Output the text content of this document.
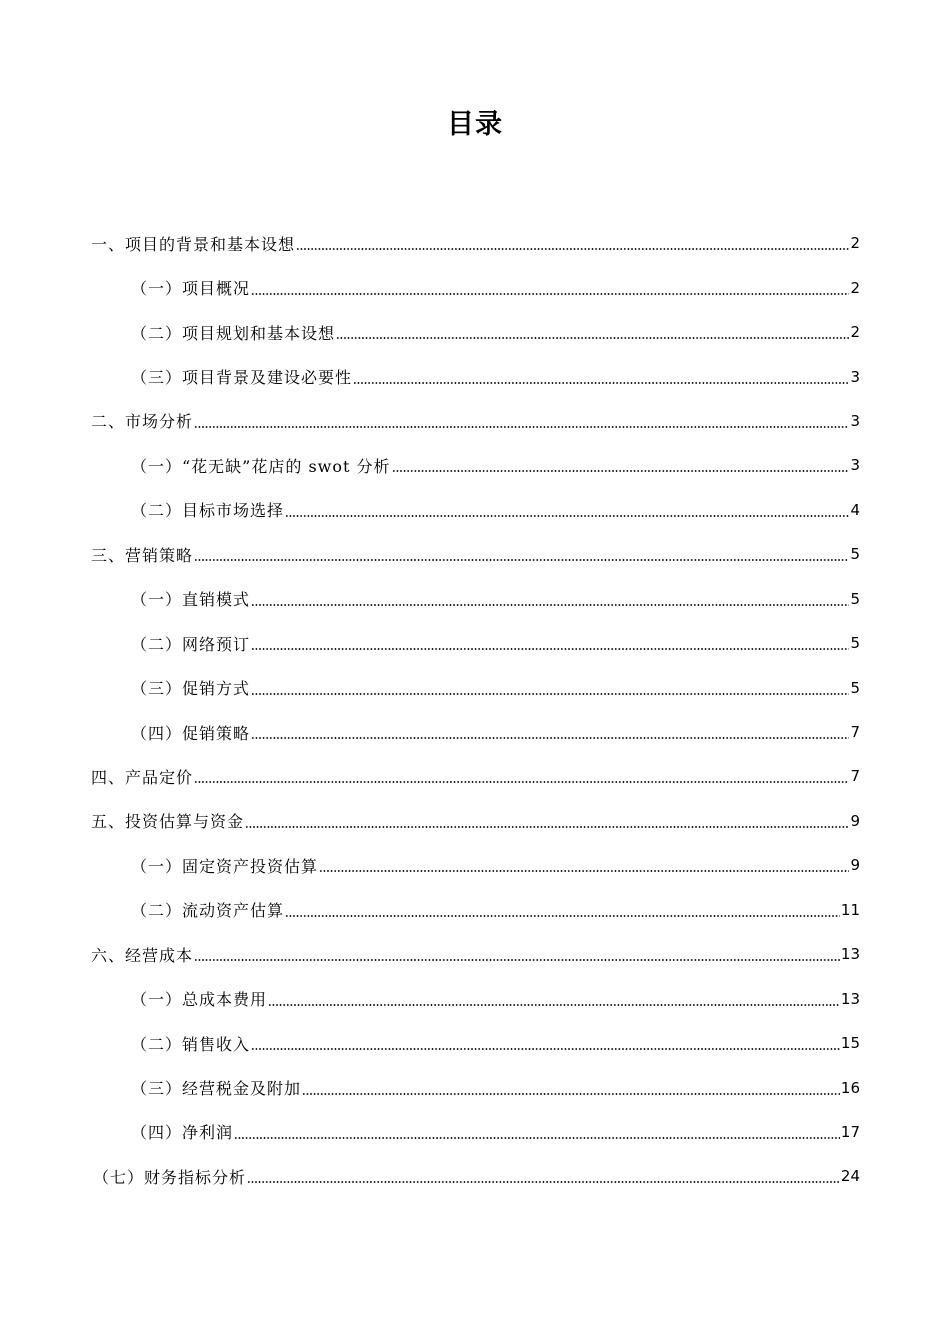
目录
一、项目的背景和基本设想	2
（一）项目概况	2
（二）项目规划和基本设想	2
（三）项目背景及建设必要性	3
二、市场分析	3
（一）“花无缺”花店的 swot 分析	3
（二）目标市场选择	4
三、营销策略	5
（一）直销模式	5
（二）网络预订	5
（三）促销方式	5
（四）促销策略	7
四、产品定价	7
五、投资估算与资金	9
（一）固定资产投资估算	9
（二）流动资产估算	11
六、经营成本	13
（一）总成本费用	13
（二）销售收入	15
（三）经营税金及附加	16
（四）净利润	17
（七）财务指标分析	24
